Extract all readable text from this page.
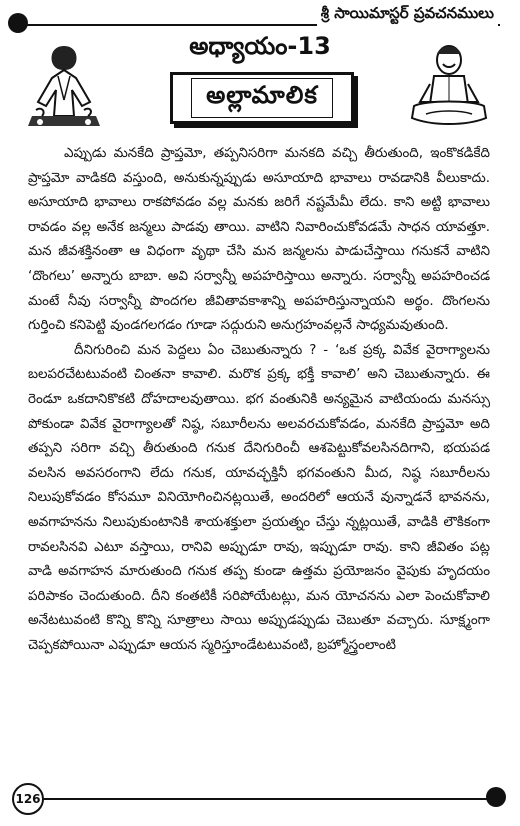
శ్రీ సాయిమాస్టర్ ప్రవచనములు
అధ్యాయం-13
అల్లామాలిక

ఎప్పుడు మనకేది ప్రాప్తమో, తప్పనిసరిగా మనకది వచ్చి తీరుతుంది, ఇంకొకడికేది ప్రాప్తమో వాడికది వస్తుంది, అనుకున్నప్పుడు అసూయాది భావాలు రావడానికి వీలుకాదు. అసూయాది భావాలు రాకపోవడం వల్ల మనకు జరిగే నష్టమేమీ లేదు. కాని అట్టి భావాలు రావడం వల్ల అనేక జన్మలు పాడవు తాయి. వాటిని నివారించుకోవడమే సాధన యావత్తూ. మన జీవశక్తినంతా ఆ విధంగా వృథా చేసి మన జన్మలను పాడుచేస్తాయి గనుకనే వాటిని ‘దొంగలు’ అన్నారు బాబా. అవి సర్వాన్నీ అపహరిస్తాయి అన్నారు. సర్వాన్నీ అపహరించడ మంటే నీవు సర్వాన్నీ పొందగల జీవితావకాశాన్ని అపహరిస్తున్నాయని అర్థం. దొంగలను గుర్తించి కనిపెట్టి వుండగలగడం గూడా సద్గురుని అనుగ్రహంవల్లనే సాధ్యమవుతుంది.

దీనిగురించి మన పెద్దలు ఏం చెబుతున్నారు ? - ‘ఒక ప్రక్క వివేక వైరాగ్యాలను బలపరచేటటువంటి చింతనా కావాలి. మరొక ప్రక్క భక్తీ కావాలి’ అని చెబుతున్నారు. ఈ రెండూ ఒకదానికొకటి దోహదాలవుతాయి. భగ వంతునికి అన్యమైన వాటియందు మనస్సు పోకుండా వివేక వైరాగ్యాలతో నిష్ఠ, సబూరీలను అలవరచుకోవడం, మనకేది ప్రాప్తమో అది తప్పని సరిగా వచ్చి తీరుతుంది గనుక దేనిగురించీ ఆశపెట్టుకోవలసినదిగాని, భయపడ వలసిన అవసరంగాని లేదు గనుక, యావచ్ఛక్తినీ భగవంతుని మీద, నిష్ఠ సబూరీలను నిలుపుకోవడం కోసమూ వినియోగించినట్లయితే, అందరిలో ఆయనే వున్నాడనే భావనను, అవగాహనను నిలుపుకుంటానికి శాయశక్తులా ప్రయత్నం చేస్తు న్నట్లయితే, వాడికి లౌకికంగా రావలసినవి ఎటూ వస్తాయి, రానివి అప్పుడూ రావు, ఇప్పుడూ రావు. కాని జీవితం పట్ల వాడి అవగాహన మారుతుంది గనుక తప్ప కుండా ఉత్తమ ప్రయోజనం వైపుకు హృదయం పరిపాకం చెందుతుంది. దీని కంతటికీ సరిపోయేటట్లు, మన యోచనను ఎలా పెంచుకోవాలి అనేటటువంటి కొన్ని కొన్ని సూత్రాలు సాయి అప్పుడప్పుడు చెబుతూ వచ్చారు. సూక్ష్మంగా చెప్పకపోయినా ఎప్పుడూ ఆయన స్మరిస్తూండేటటువంటి, బ్రహ్మోస్త్రంలాంటి

126
